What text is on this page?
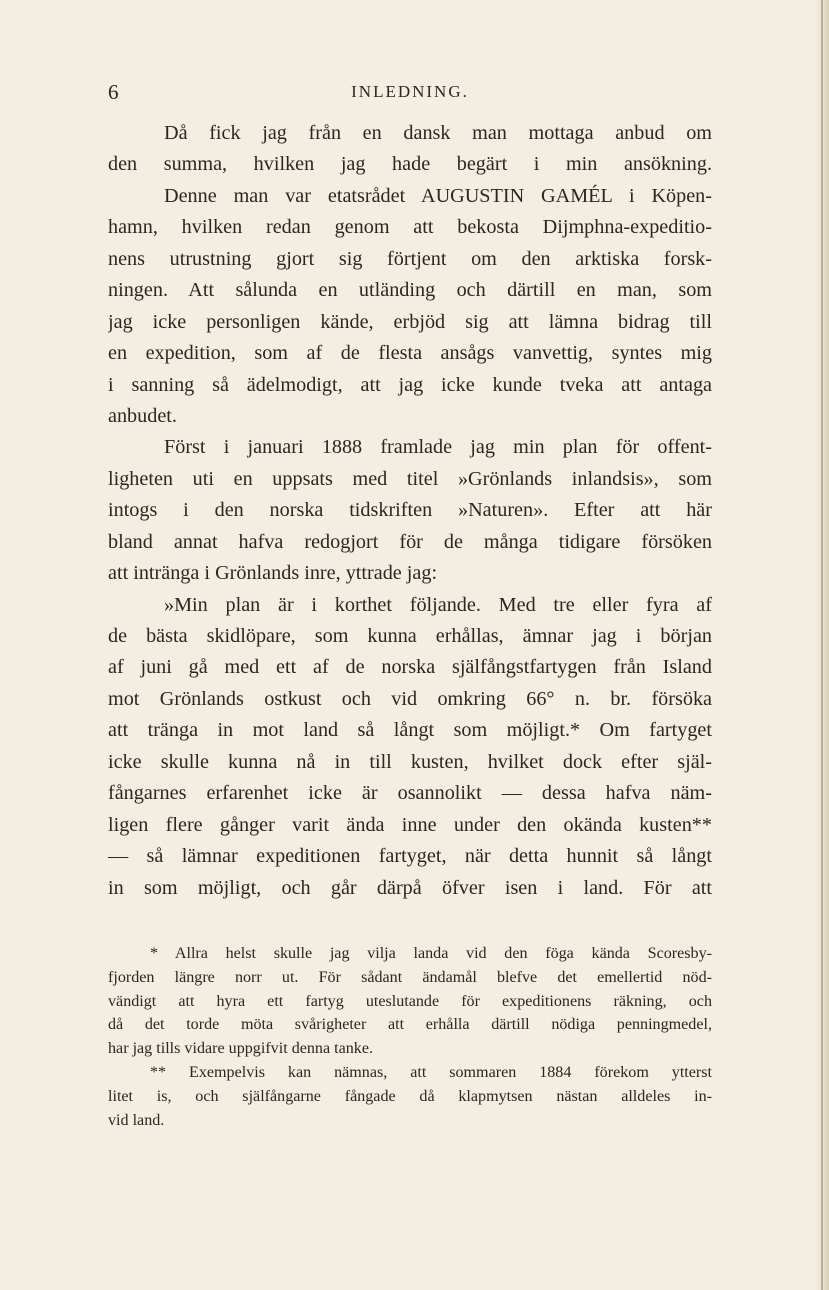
6	INLEDNING.
Då fick jag från en dansk man mottaga anbud om
den summa, hvilken jag hade begärt i min ansökning.
Denne man var etatsrådet AUGUSTIN GAMÉL i Köpen-
hamn, hvilken redan genom att bekosta Dijmphna-expeditio-
nens utrustning gjort sig förtjent om den arktiska forsk-
ningen. Att sålunda en utländing och därtill en man, som
jag icke personligen kände, erbjöd sig att lämna bidrag till
en expedition, som af de flesta ansågs vanvettig, syntes mig
i sanning så ädelmodigt, att jag icke kunde tveka att antaga
anbudet.
Först i januari 1888 framlade jag min plan för offent-
ligheten uti en uppsats med titel »Grönlands inlandsis», som
intogs i den norska tidskriften »Naturen». Efter att här
bland annat hafva redogjort för de många tidigare försöken
att intränga i Grönlands inre, yttrade jag:
»Min plan är i korthet följande. Med tre eller fyra af
de bästa skidlöpare, som kunna erhållas, ämnar jag i början
af juni gå med ett af de norska själfångstfartygen från Island
mot Grönlands ostkust och vid omkring 66° n. br. försöka
att tränga in mot land så långt som möjligt.* Om fartyget
icke skulle kunna nå in till kusten, hvilket dock efter själ-
fångarnes erfarenhet icke är osannolikt — dessa hafva näm-
ligen flere gånger varit ända inne under den okända kusten**
— så lämnar expeditionen fartyget, när detta hunnit så långt
in som möjligt, och går därpå öfver isen i land. För att
* Allra helst skulle jag vilja landa vid den föga kända Scoresby-
fjorden längre norr ut. För sådant ändamål blefve det emellertid nöd-
vändigt att hyra ett fartyg uteslutande för expeditionens räkning, och
då det torde möta svårigheter att erhålla därtill nödiga penningmedel,
har jag tills vidare uppgifvit denna tanke.
** Exempelvis kan nämnas, att sommaren 1884 förekom ytterst
litet is, och själfångarne fångade då klapmytsen nästan alldeles in-
vid land.
